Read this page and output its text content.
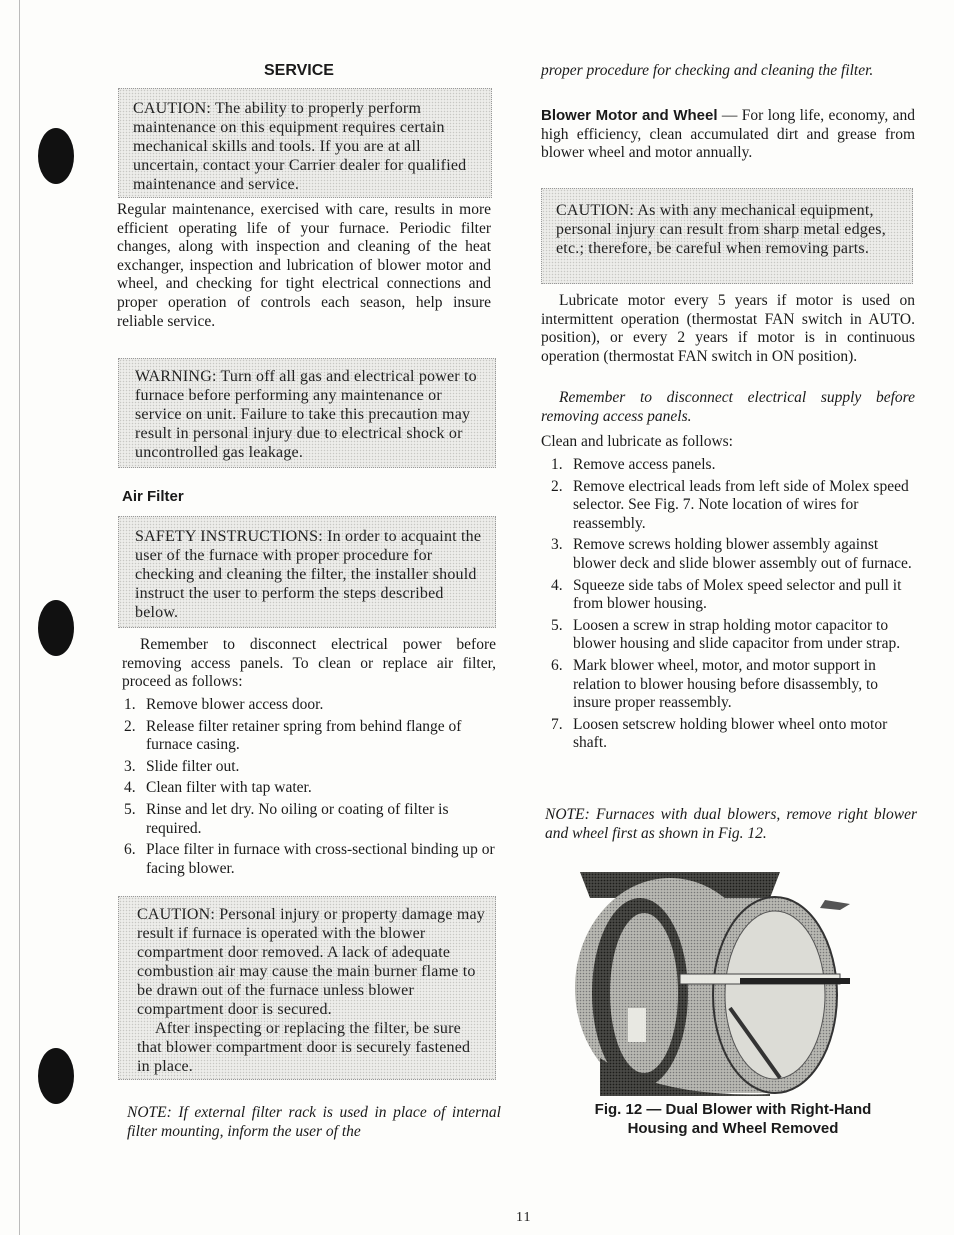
SERVICE
CAUTION: The ability to properly perform maintenance on this equipment requires certain mechanical skills and tools. If you are at all uncertain, contact your Carrier dealer for qualified maintenance and service.
Regular maintenance, exercised with care, results in more efficient operating life of your furnace. Periodic filter changes, along with inspection and cleaning of the heat exchanger, inspection and lubrication of blower motor and wheel, and checking for tight electrical connections and proper operation of controls each season, help insure reliable service.
WARNING: Turn off all gas and electrical power to furnace before performing any maintenance or service on unit. Failure to take this precaution may result in personal injury due to electrical shock or uncontrolled gas leakage.
Air Filter
SAFETY INSTRUCTIONS: In order to acquaint the user of the furnace with proper procedure for checking and cleaning the filter, the installer should instruct the user to perform the steps described below.
Remember to disconnect electrical power before removing access panels. To clean or replace air filter, proceed as follows:
1. Remove blower access door.
2. Release filter retainer spring from behind flange of furnace casing.
3. Slide filter out.
4. Clean filter with tap water.
5. Rinse and let dry. No oiling or coating of filter is required.
6. Place filter in furnace with cross-sectional binding up or facing blower.
CAUTION: Personal injury or property damage may result if furnace is operated with the blower compartment door removed. A lack of adequate combustion air may cause the main burner flame to be drawn out of the furnace unless blower compartment door is secured.
After inspecting or replacing the filter, be sure that blower compartment door is securely fastened in place.
NOTE: If external filter rack is used in place of internal filter mounting, inform the user of the
proper procedure for checking and cleaning the filter.
Blower Motor and Wheel — For long life, economy, and high efficiency, clean accumulated dirt and grease from blower wheel and motor annually.
CAUTION: As with any mechanical equipment, personal injury can result from sharp metal edges, etc.; therefore, be careful when removing parts.
Lubricate motor every 5 years if motor is used on intermittent operation (thermostat FAN switch in AUTO. position), or every 2 years if motor is in continuous operation (thermostat FAN switch in ON position).
Remember to disconnect electrical supply before removing access panels.
Clean and lubricate as follows:
1. Remove access panels.
2. Remove electrical leads from left side of Molex speed selector. See Fig. 7. Note location of wires for reassembly.
3. Remove screws holding blower assembly against blower deck and slide blower assembly out of furnace.
4. Squeeze side tabs of Molex speed selector and pull it from blower housing.
5. Loosen a screw in strap holding motor capacitor to blower housing and slide capacitor from under strap.
6. Mark blower wheel, motor, and motor support in relation to blower housing before disassembly, to insure proper reassembly.
7. Loosen setscrew holding blower wheel onto motor shaft.
NOTE: Furnaces with dual blowers, remove right blower and wheel first as shown in Fig. 12.
Fig. 12 — Dual Blower with Right-Hand
Housing and Wheel Removed
11
